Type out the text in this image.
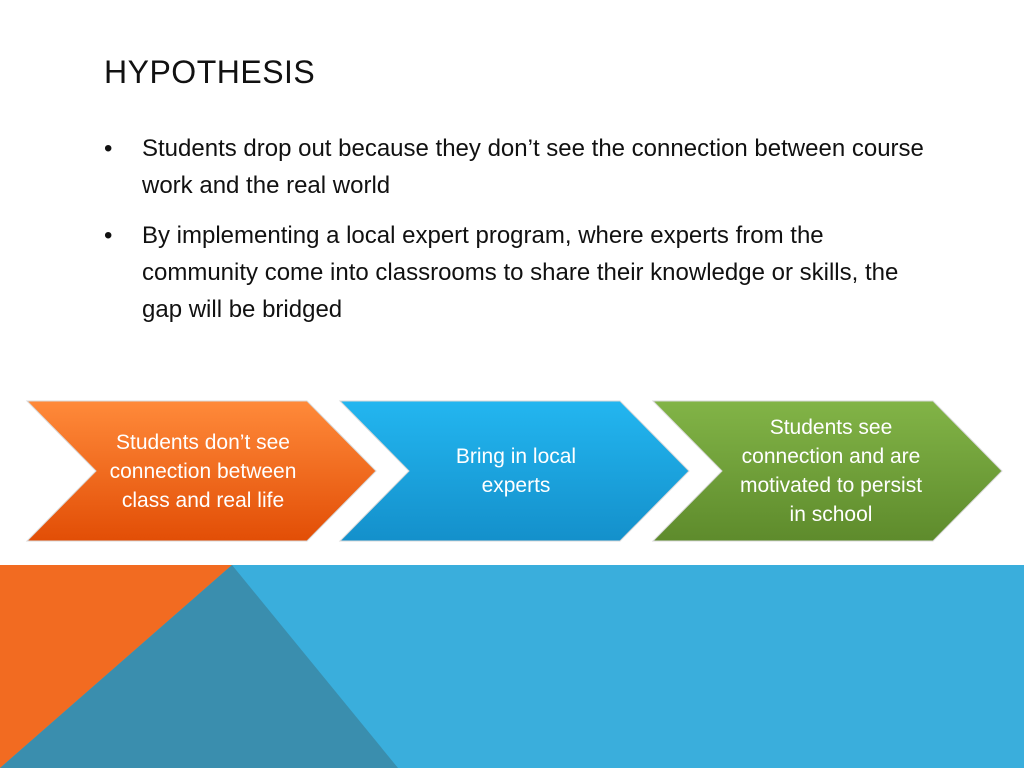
HYPOTHESIS
• Students drop out because they don’t see the connection between course work and the real world
• By implementing a local expert program, where experts from the community come into classrooms to share their knowledge or skills, the gap will be bridged
Students don’t see connection between class and real life
Bring in local experts
Students see connection and are motivated to persist in school
